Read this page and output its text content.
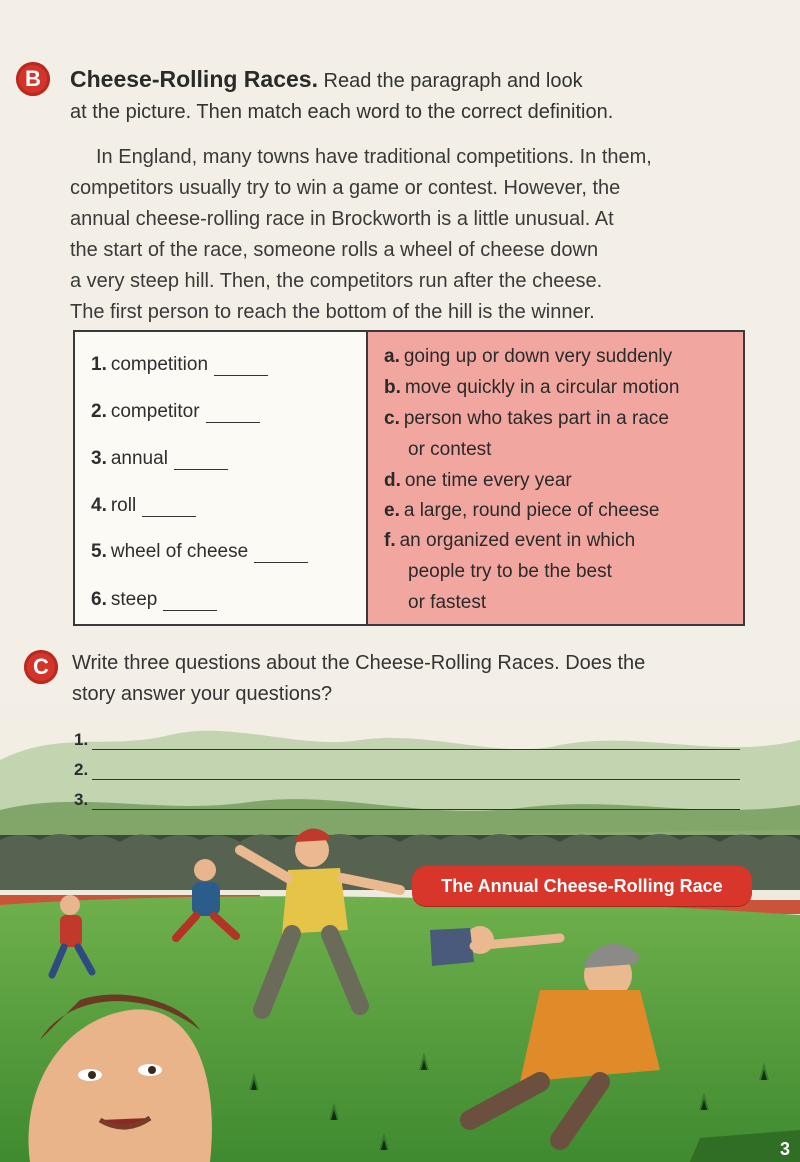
B	Cheese-Rolling Races. Read the paragraph and look
at the picture. Then match each word to the correct definition.
In England, many towns have traditional competitions. In them,
competitors usually try to win a game or contest. However, the
annual cheese-rolling race in Brockworth is a little unusual. At
the start of the race, someone rolls a wheel of cheese down
a very steep hill. Then, the competitors run after the cheese.
The first person to reach the bottom of the hill is the winner.
1. competition
2. competitor
3. annual
4. roll
5. wheel of cheese
6. steep
a. going up or down very suddenly
b. move quickly in a circular motion
c. person who takes part in a race
or contest
d. one time every year
e. a large, round piece of cheese
f. an organized event in which
people try to be the best
or fastest
C	Write three questions about the Cheese-Rolling Races. Does the
story answer your questions?
1.
2.
3.
The Annual Cheese-Rolling Race
3
